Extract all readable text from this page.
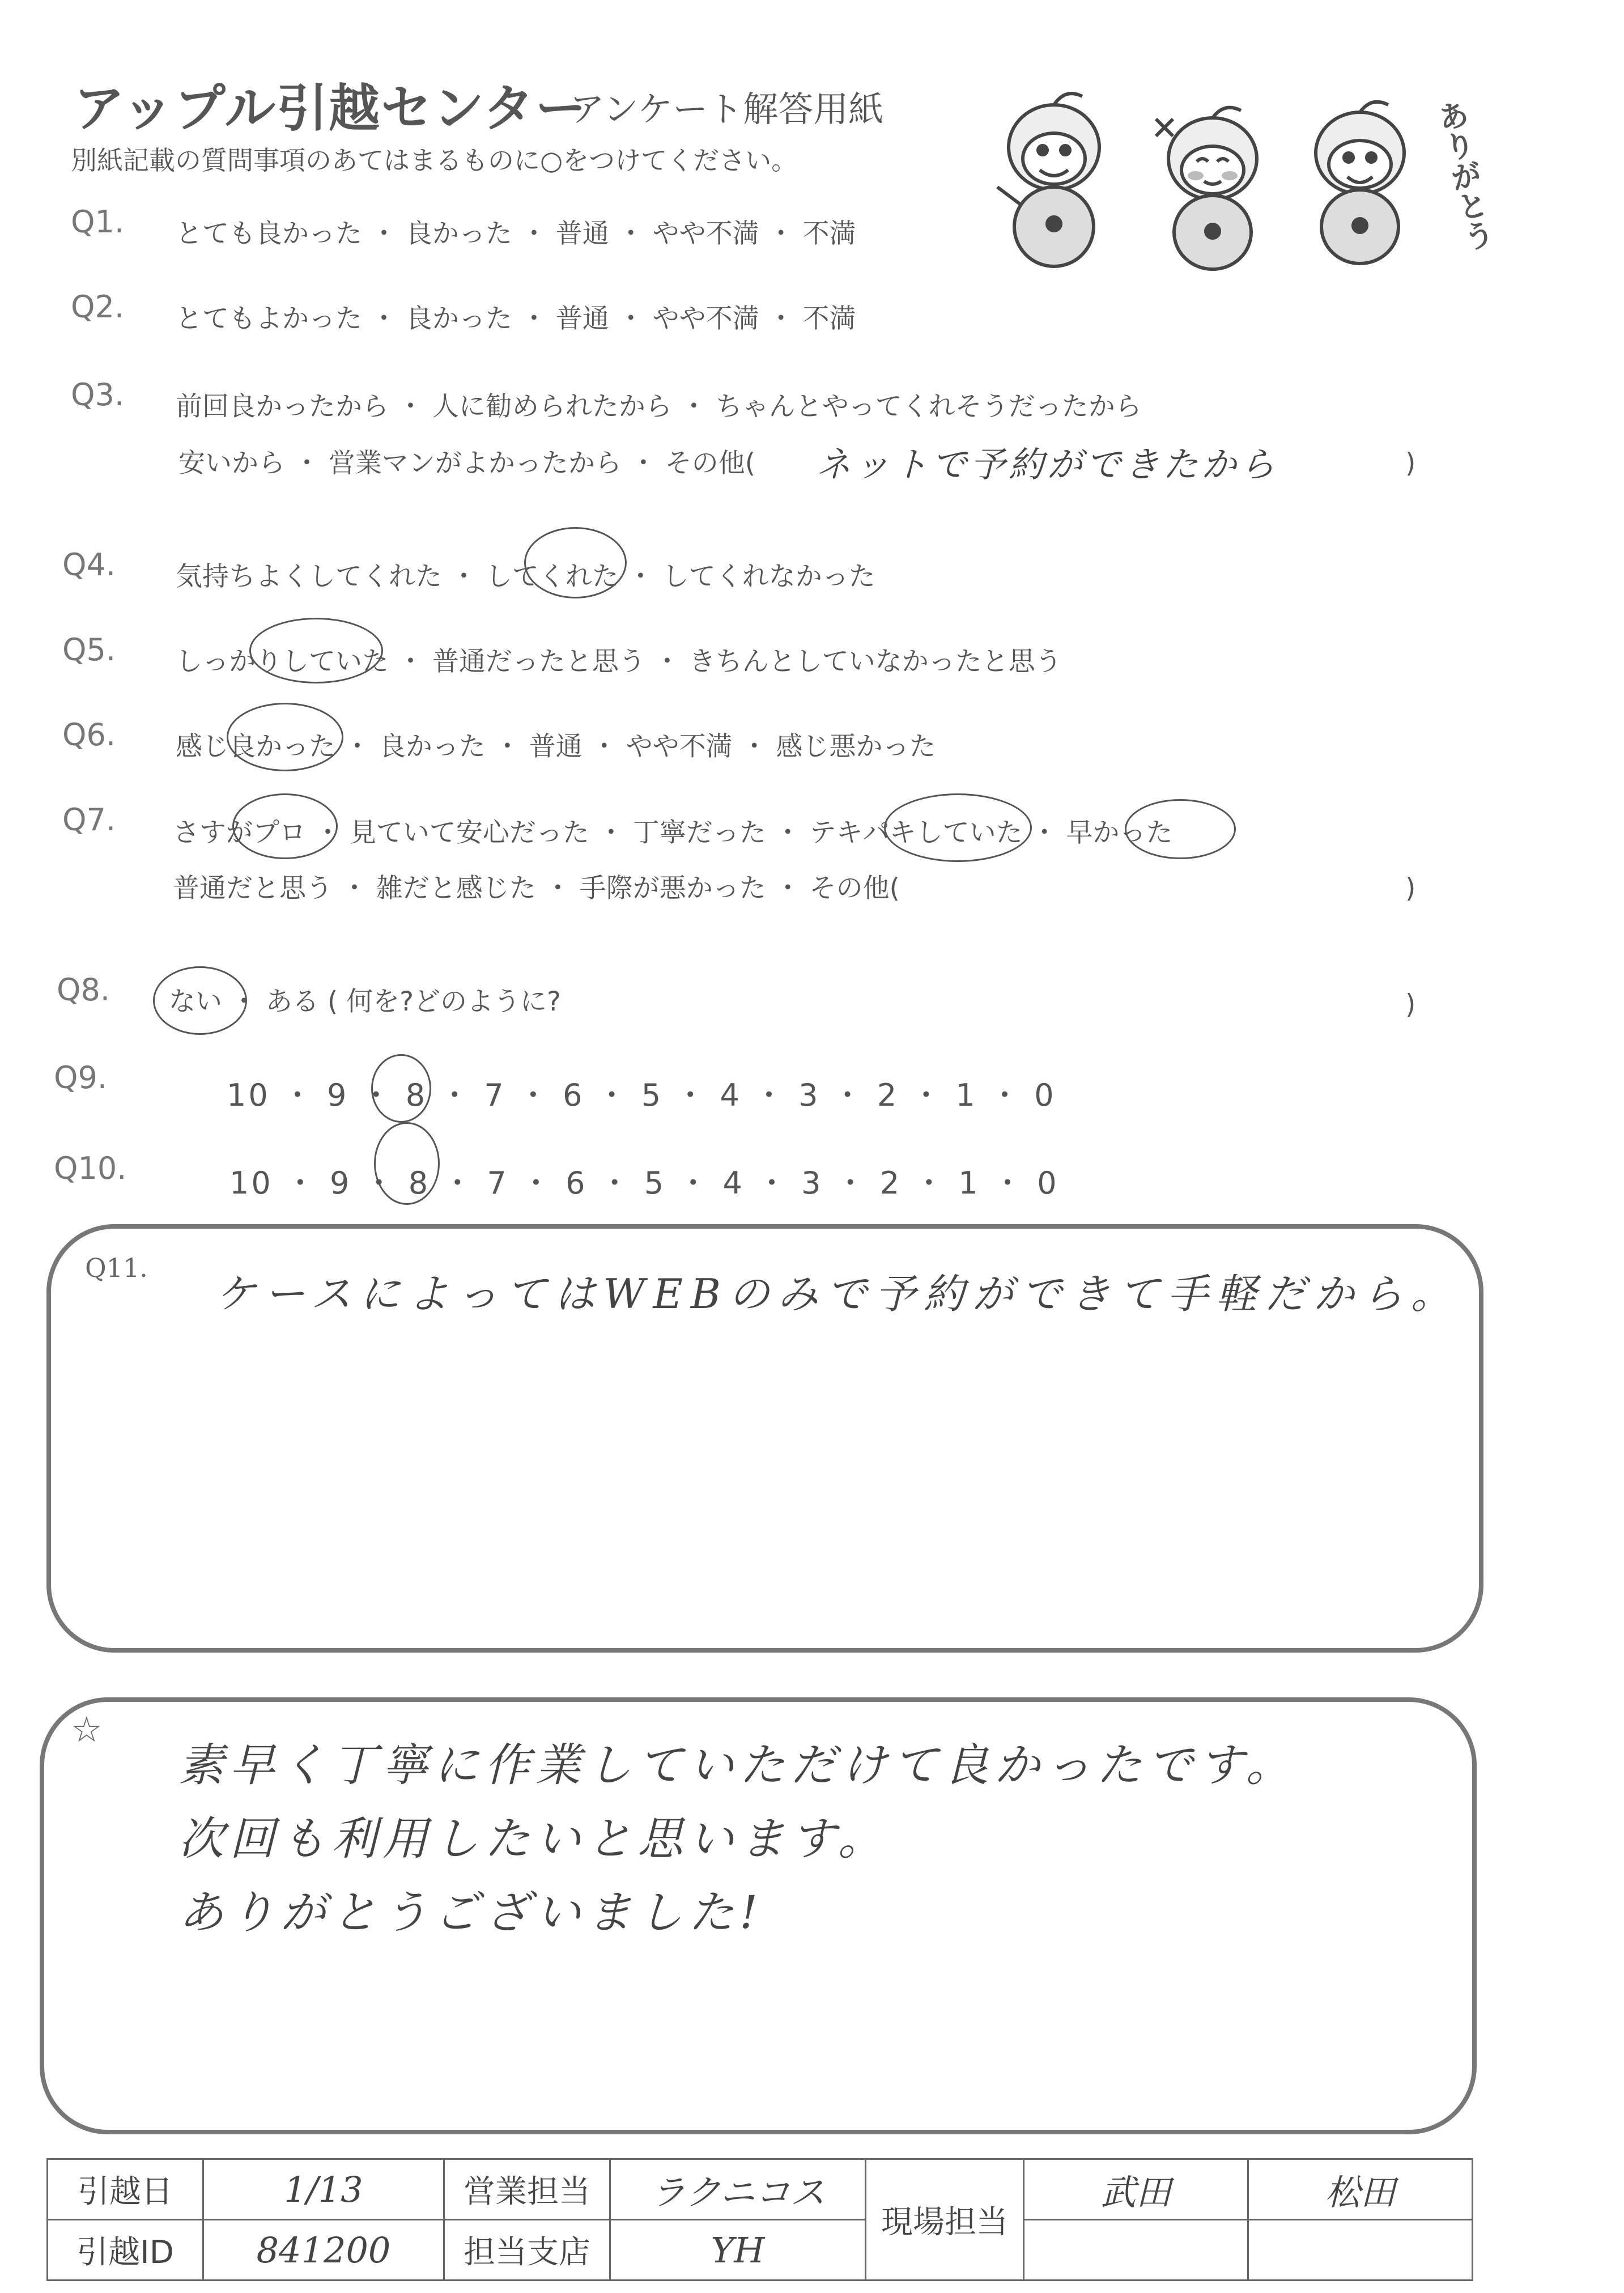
アップル引越センター
アンケート解答用紙
別紙記載の質問事項のあてはまるものに○をつけてください。	ありがとう
Q1. とても良かった ・ 良かった ・ 普通 ・ やや不満 ・ 不満
Q2. とてもよかった ・ 良かった ・ 普通 ・ やや不満 ・ 不満
Q3. 前回良かったから ・ 人に勧められたから ・ ちゃんとやってくれそうだったから
安いから ・ 営業マンがよかったから ・ その他( ネットで予約ができたから	)
Q4. 気持ちよくしてくれた ・ してくれた ・ してくれなかった
Q5. しっかりしていた ・ 普通だったと思う ・ きちんとしていなかったと思う
Q6. 感じ良かった ・ 良かった ・ 普通 ・ やや不満 ・ 感じ悪かった
Q7. さすがプロ ・ 見ていて安心だった ・ 丁寧だった ・ テキパキしていた ・ 早かった
普通だと思う ・ 雑だと感じた ・ 手際が悪かった ・ その他(	)
Q8. ない ・ ある ( 何を?どのように?	)
Q9.	10 ・ 9 ・ 8 ・ 7 ・ 6 ・ 5 ・ 4 ・ 3 ・ 2 ・ 1 ・ 0
Q10.	10 ・ 9 ・ 8 ・ 7 ・ 6 ・ 5 ・ 4 ・ 3 ・ 2 ・ 1 ・ 0
Q11.
ケースによってはWEBのみで予約ができて手軽だから。
☆
素早く丁寧に作業していただけて良かったです。
次回も利用したいと思います。
ありがとうございました!
引越日	1/13	営業担当	ラクニコス	現場担当	武田	松田
引越ID	841200	担当支店	YH			
